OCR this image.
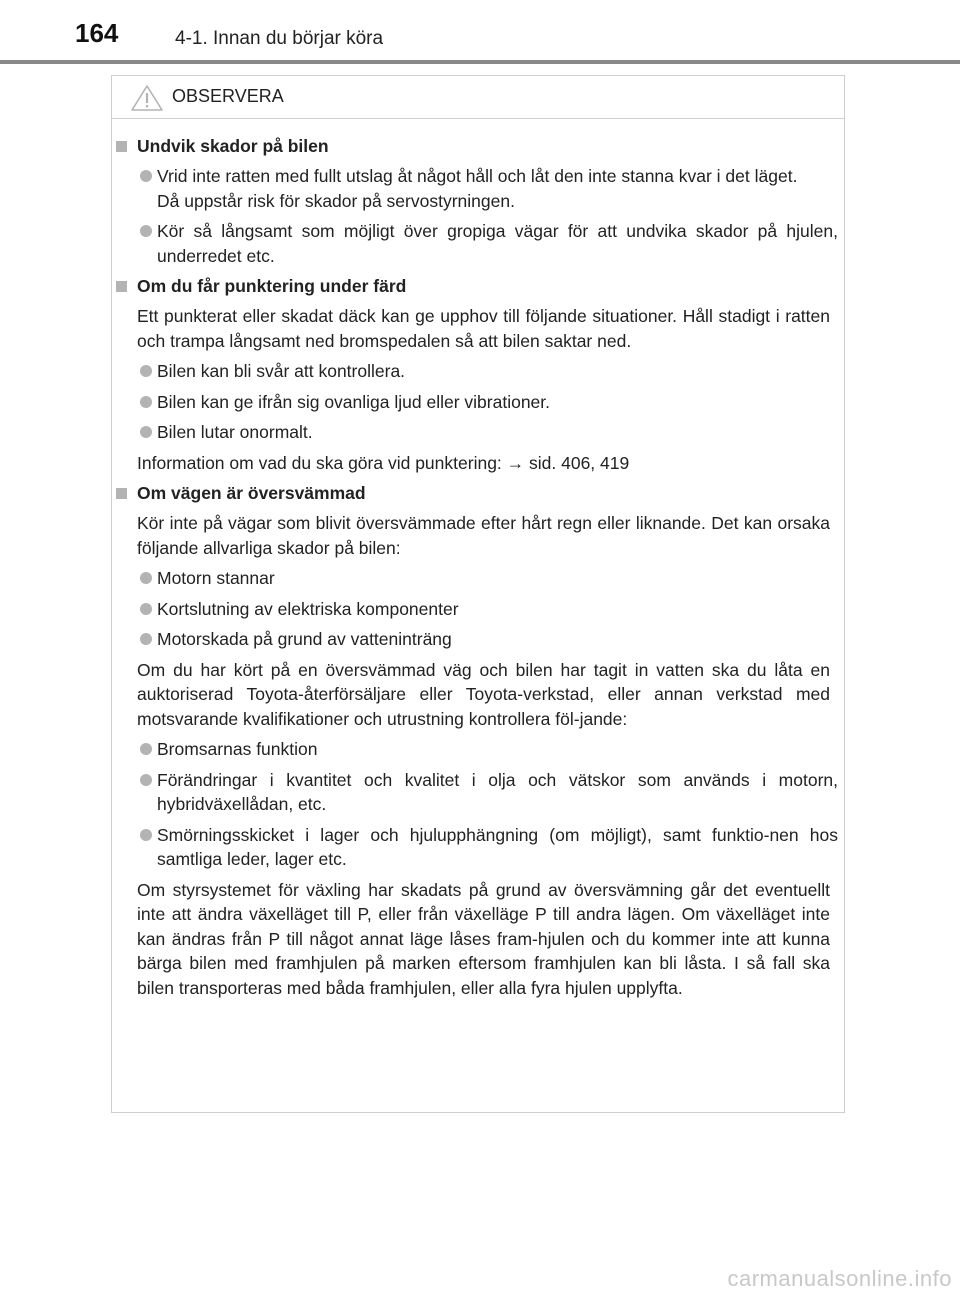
164	4-1. Innan du börjar köra
OBSERVERA
Undvik skador på bilen
Vrid inte ratten med fullt utslag åt något håll och låt den inte stanna kvar i det läget.
Då uppstår risk för skador på servostyrningen.
Kör så långsamt som möjligt över gropiga vägar för att undvika skador på hjulen, underredet etc.
Om du får punktering under färd
Ett punkterat eller skadat däck kan ge upphov till följande situationer. Håll stadigt i ratten och trampa långsamt ned bromspedalen så att bilen saktar ned.
Bilen kan bli svår att kontrollera.
Bilen kan ge ifrån sig ovanliga ljud eller vibrationer.
Bilen lutar onormalt.
Information om vad du ska göra vid punktering: → sid. 406, 419
Om vägen är översvämmad
Kör inte på vägar som blivit översvämmade efter hårt regn eller liknande. Det kan orsaka följande allvarliga skador på bilen:
Motorn stannar
Kortslutning av elektriska komponenter
Motorskada på grund av vatteninträng
Om du har kört på en översvämmad väg och bilen har tagit in vatten ska du låta en auktoriserad Toyota-återförsäljare eller Toyota-verkstad, eller annan verkstad med motsvarande kvalifikationer och utrustning kontrollera föl-jande:
Bromsarnas funktion
Förändringar i kvantitet och kvalitet i olja och vätskor som används i motorn, hybridväxellådan, etc.
Smörningsskicket i lager och hjulupphängning (om möjligt), samt funktio-nen hos samtliga leder, lager etc.
Om styrsystemet för växling har skadats på grund av översvämning går det eventuellt inte att ändra växelläget till P, eller från växelläge P till andra lägen. Om växelläget inte kan ändras från P till något annat läge låses fram-hjulen och du kommer inte att kunna bärga bilen med framhjulen på marken eftersom framhjulen kan bli låsta. I så fall ska bilen transporteras med båda framhjulen, eller alla fyra hjulen upplyfta.
carmanualsonline.info
